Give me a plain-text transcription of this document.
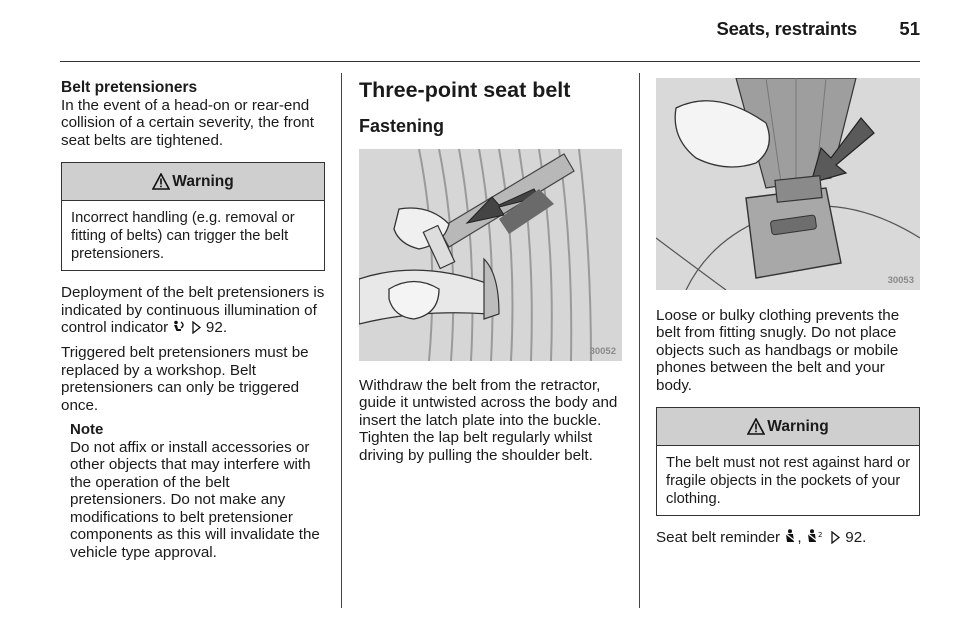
Seats, restraints 51

Belt pretensioners

In the event of a head-on or rear-end collision of a certain severity, the front seat belts are tightened.

Warning
Incorrect handling (e.g. removal or fitting of belts) can trigger the belt pretensioners.

Deployment of the belt pretensioners is indicated by continuous illumination of control indicator 92.

Triggered belt pretensioners must be replaced by a workshop. Belt pretensioners can only be triggered once.

Note

Do not affix or install accessories or other objects that may interfere with the operation of the belt pretensioners. Do not make any modifications to belt pretensioner components as this will invalidate the vehicle type approval.

Three-point seat belt

Fastening

30052

Withdraw the belt from the retractor, guide it untwisted across the body and insert the latch plate into the buckle. Tighten the lap belt regularly whilst driving by pulling the shoulder belt.

30053

Loose or bulky clothing prevents the belt from fitting snugly. Do not place objects such as handbags or mobile phones between the belt and your body.

Warning
The belt must not rest against hard or fragile objects in the pockets of your clothing.

Seat belt reminder , 2 92.
